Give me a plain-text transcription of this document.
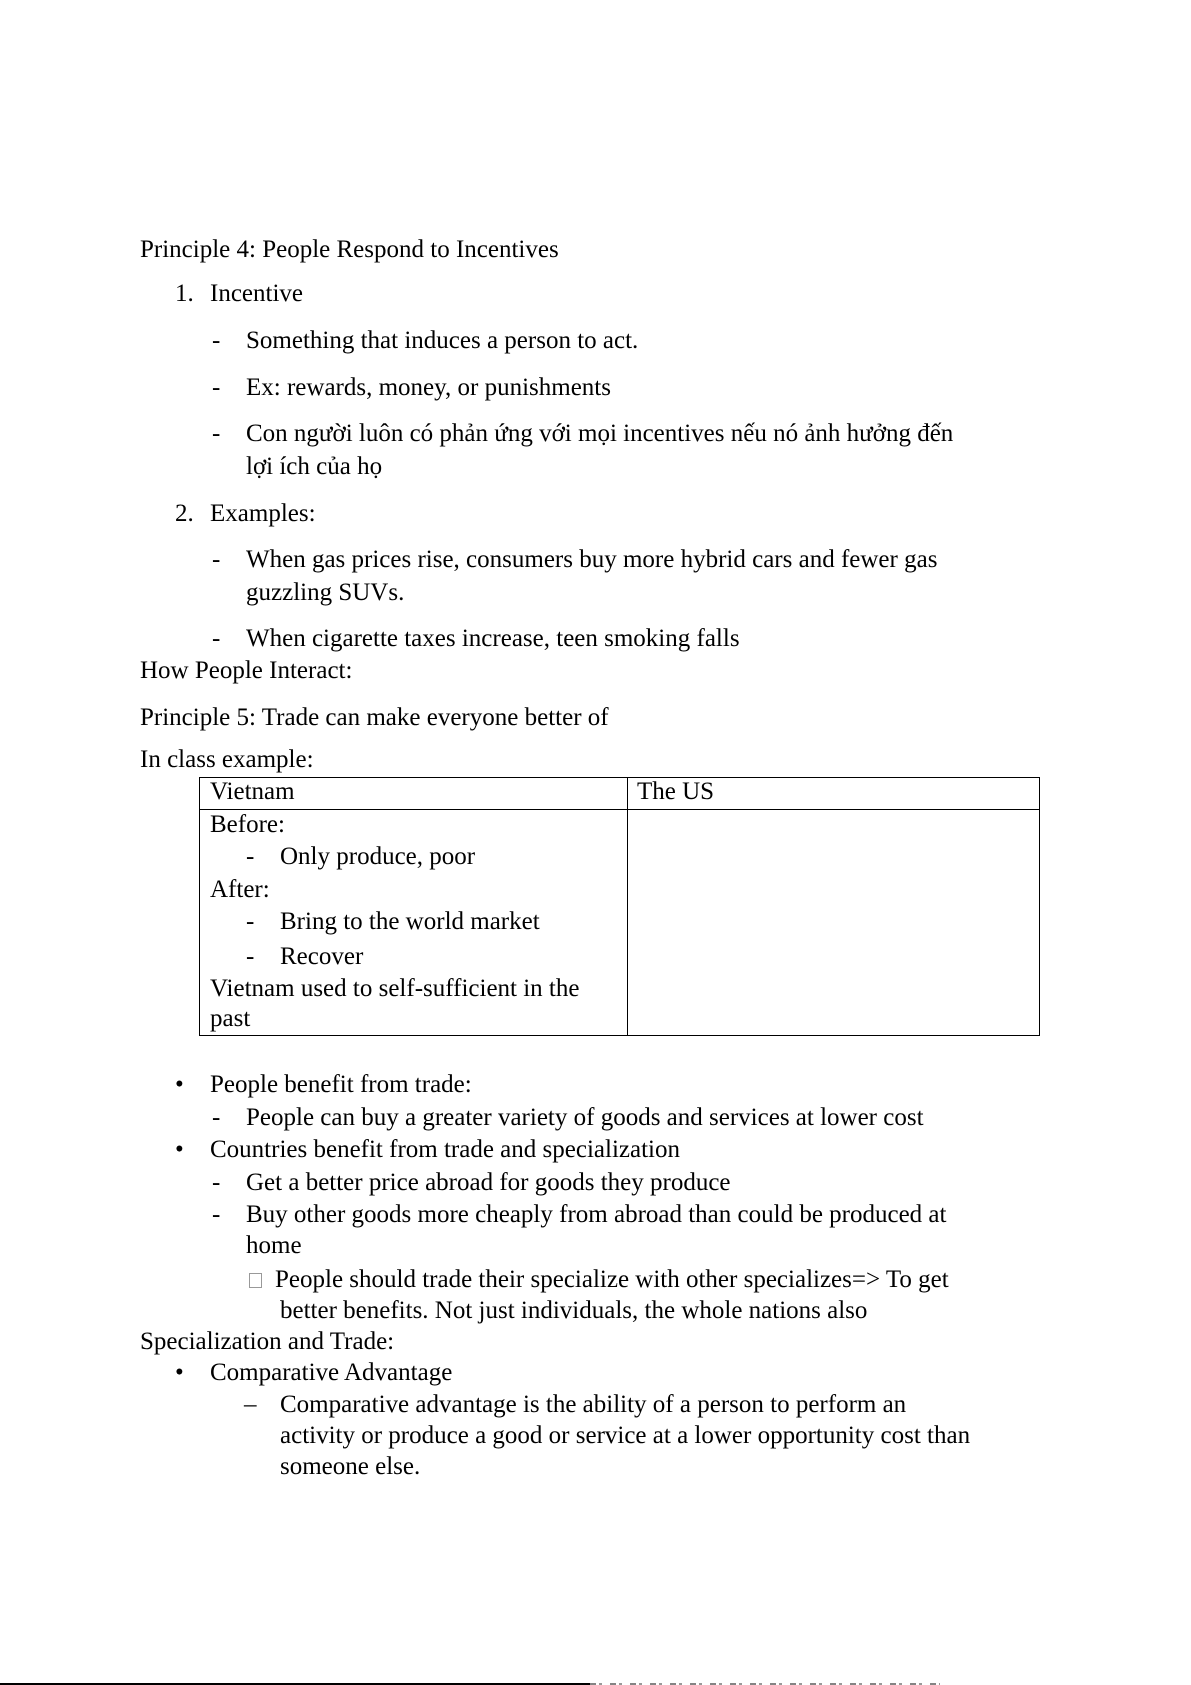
Principle 4: People Respond to Incentives
1. Incentive
- Something that induces a person to act.
- Ex: rewards, money, or punishments
- Con người luôn có phản ứng với mọi incentives nếu nó ảnh hưởng đến
lợi ích của họ
2. Examples:
- When gas prices rise, consumers buy more hybrid cars and fewer gas
guzzling SUVs.
- When cigarette taxes increase, teen smoking falls
How People Interact:
Principle 5: Trade can make everyone better of
In class example:
Vietnam	The US
Before:
- Only produce, poor
After:
- Bring to the world market
- Recover
Vietnam used to self-sufficient in the
past
• People benefit from trade:
- People can buy a greater variety of goods and services at lower cost
• Countries benefit from trade and specialization
- Get a better price abroad for goods they produce
- Buy other goods more cheaply from abroad than could be produced at
home
People should trade their specialize with other specializes=> To get
better benefits. Not just individuals, the whole nations also
Specialization and Trade:
• Comparative Advantage
– Comparative advantage is the ability of a person to perform an
activity or produce a good or service at a lower opportunity cost than
someone else.
